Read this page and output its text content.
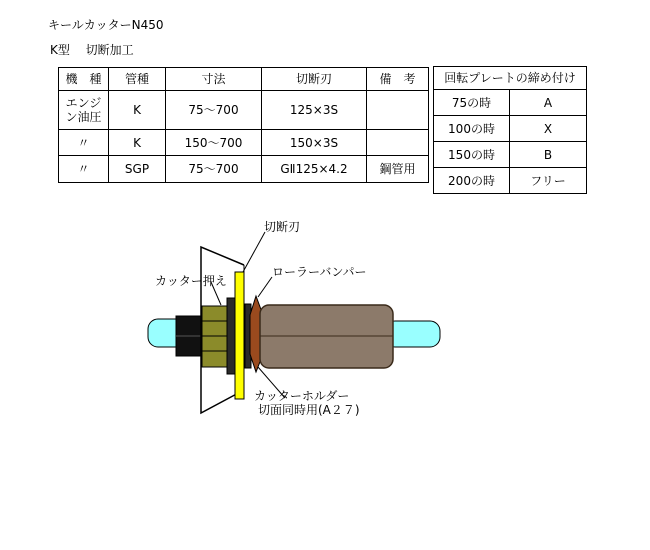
キールカッターN450
K型　 切断加工
機　種	管種	寸法	切断刃	備　考
エンジン油圧	K	75～700	125×3S	
〃	K	150～700	150×3S	
〃	SGP	75～700	GⅡ125×4.2	鋼管用
回転プレートの締め付け	
75の時	A
100の時	X
150の時	B
200の時	フリー
切断刃
カッター押え
ローラーバンパー
カッターホルダー
切面同時用(A２７)
